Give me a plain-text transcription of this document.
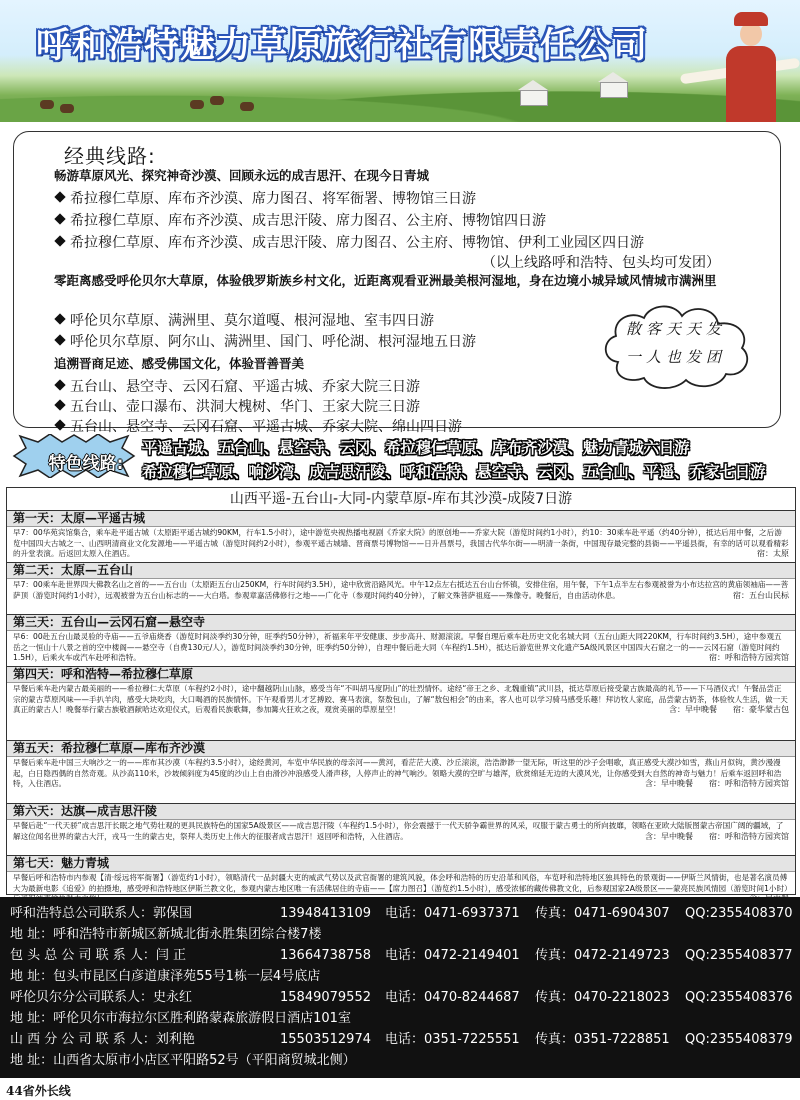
呼和浩特魅力草原旅行社有限责任公司
经典线路:
畅游草原风光、探究神奇沙漠、回顾永远的成吉思汗、在现今日青城
希拉穆仁草原、库布齐沙漠、席力图召、将军衙署、博物馆三日游
希拉穆仁草原、库布齐沙漠、成吉思汗陵、席力图召、公主府、博物馆四日游
希拉穆仁草原、库布齐沙漠、成吉思汗陵、席力图召、公主府、博物馆、伊利工业园区四日游
（以上线路呼和浩特、包头均可发团）
零距离感受呼伦贝尔大草原，体验俄罗斯族乡村文化，近距离观看亚洲最美根河湿地，身在边境小城异域风情城市满洲里
呼伦贝尔草原、满洲里、莫尔道嘎、根河湿地、室韦四日游
呼伦贝尔草原、阿尔山、满洲里、国门、呼伦湖、根河湿地五日游
追溯晋商足迹、感受佛国文化，体验晋善晋美
五台山、悬空寺、云冈石窟、平遥古城、乔家大院三日游
五台山、壶口瀑布、洪洞大槐树、华门、王家大院三日游
五台山、悬空寺、云冈石窟、平遥古城、乔家大院、绵山四日游
散客天天发
一人也发团
特色线路:
平遥古城、五台山、悬空寺、云冈、希拉穆仁草原、库布齐沙漠、魅力青城六日游
希拉穆仁草原、响沙湾、成吉思汗陵、呼和浩特、悬空寺、云冈、五台山、平遥、乔家七日游
山西平遥-五台山-大同-内蒙草原-库布其沙漠-成陵7日游
第一天：太原—平遥古城
早7：00华苑宾馆集合，乘车赴平遥古城（太原距平遥古城约90KM，行车1.5小时），途中游览央视热播电视剧《乔家大院》的原创地——乔家大院（游览时间约1小时），约10：30乘车赴平遥（约40分钟），抵达后用中餐，之后游览中国四大古城之一、山西明清商业文化发源地——平遥古城（游览时间约2小时），参观平遥古城墙、晋商票号博物馆——日升昌票号，我国古代华尔街——明清一条街，中国现存最完整的县衙——平遥县衙，有幸的话可以观看精彩的升堂表演。后返回太原入住酒店。	宿：太原
第二天：太原—五台山
早7：00乘车赴世界四大佛教名山之首的——五台山（太原距五台山250KM，行车时间约3.5H），途中欣赏沿路风光。中午12点左右抵达五台山台怀镇，安排住宿，用午餐，下午1点半左右参观被誉为小布达拉宫的黄庙领袖庙——菩萨顶（游览时间约1小时），远观被誉为五台山标志的——大白塔。参观章嘉活佛修行之地——广化寺（参观时间约40分钟），了解文殊菩萨祖庭——殊像寺。晚餐后，自由活动休息。	宿：五台山民标
第三天：五台山—云冈石窟—悬空寺
早6：00赴五台山最灵验的寺庙——五爷庙烧香（游览时间淡季约30分钟，旺季约50分钟），祈福来年平安健康、步步高升、财源滚滚。早餐自理后乘车赴历史文化名城大同（五台山距大同220KM，行车时间约3.5H），途中参观五岳之一恒山十八景之首的空中楼阁——悬空寺（自费130元/人），游览时间淡季约30分钟，旺季约50分钟），自理中餐后赴大同（车程约1.5H），抵达后游览世界文化遗产5A级风景区中国四大石窟之一的——云冈石窟（游览时间约1.5H），后乘火车或汽车赴呼和浩特。	宿：呼和浩特方园宾馆
第四天：呼和浩特—希拉穆仁草原
早餐后乘车赴内蒙古最美丽的——希拉穆仁大草原（车程约2小时），途中翻越阴山山脉，感受当年“不叫胡马度阴山”的壮烈情怀。途经“帝王之乡、北魏重镇”武川县，抵达草原后接受蒙古族最高的礼节——下马酒仪式！午餐品尝正宗的蒙古草原风味——手扒羊肉，感受大块吃肉，大口喝酒的民族情怀。下午观看男儿才艺搏跤、赛马表演，祭敖包山，了解“敖包相会”的由来，客人也可以学习骑马感受乐趣！拜访牧人家庭，品尝蒙古奶茶，体验牧人生活，做一天真正的蒙古人！晚餐举行蒙古族敬酒献哈达欢迎仪式，后观看民族歌舞，参加篝火狂欢之夜，观赏美丽的草原星空！	含：早中晚餐　　宿：豪华蒙古包
第五天：希拉穆仁草原—库布齐沙漠
早餐后乘车赴中国三大响沙之一的——库布其沙漠（车程约3.5小时），途经黄河，车览中华民族的母亲河——黄河，看茫茫大漠、沙丘滚滚，浩浩渺渺一望无际，听这里的沙子会唱歌，真正感受大漠沙如雪，燕山月似钩，黄沙漫漫起，白日隐西偶的自然奇观。从沙高110米，沙坡倾斜度为45度的沙山上自由滑沙冲浪感受人滑声移，人停声止的神气响沙。领略大漠的空旷与雄浑，欣赏绵延无边的大漠风光，让你感受到大自然的神奇与魅力！后乘车返回呼和浩特，入住酒店。	含：早中晚餐　　宿：呼和浩特方园宾馆
第六天：达旗—成吉思汗陵
早餐后赴“一代天骄”成吉思汗长眠之地气势壮观的更具民族特色的国家5A级景区——成吉思汗陵（车程约1.5小时），你会震撼于一代天骄争霸世界的风采，叹服于蒙古勇士的所向披靡，领略在亚欧大陆版图蒙古帝国广阔的疆域，了解这位闻名世界的蒙古大汗，戎马一生的蒙古史，祭拜人类历史上伟大的征服者成吉思汗！返回呼和浩特，入住酒店。	含：早中晚餐　　宿：呼和浩特方园宾馆
第七天：魅力青城
早餐后呼和浩特市内参观【清·绥远将军衙署】（游览约1小时），领略清代一品封疆大吏的威武气势以及武官衙署的建筑风貌，体会呼和浩特的历史沿革和风俗，车览呼和浩特地区独具特色的景观街——伊斯兰风情街，也是著名演员傅大为最新电影《追爱》的拍摄地，感受呼和浩特地区伊斯兰教文化，参观内蒙古地区唯一有活佛居住的寺庙——【席力图召】（游览约1.5小时），感受浓郁的藏传佛教文化，后参观国家2A级景区——蒙亮民族风情园（游览时间1小时）
呼和浩特总公司联系人：郭保国	13948413109 电话：0471-6937371 传真：0471-6904307 QQ:2355408370
地 址：呼和浩特市新城区新城北街永胜集团综合楼7楼
包 头 总 公 司 联 系 人：闫 正	13664738758 电话：0472-2149401 传真：0472-2149723 QQ:2355408377
地 址：包头市昆区白彦道康泽苑55号1栋一层4号底店
呼伦贝尔分公司联系人：史永红	15849079552 电话：0470-8244687 传真：0470-2218023 QQ:2355408376
地 址：呼伦贝尔市海拉尔区胜利路蒙森旅游假日酒店101室
山 西 分 公 司 联 系 人：刘利艳	15503512974 电话：0351-7225551 传真：0351-7228851 QQ:2355408379
地 址：山西省太原市小店区平阳路52号（平阳商贸城北侧）
44省外长线
